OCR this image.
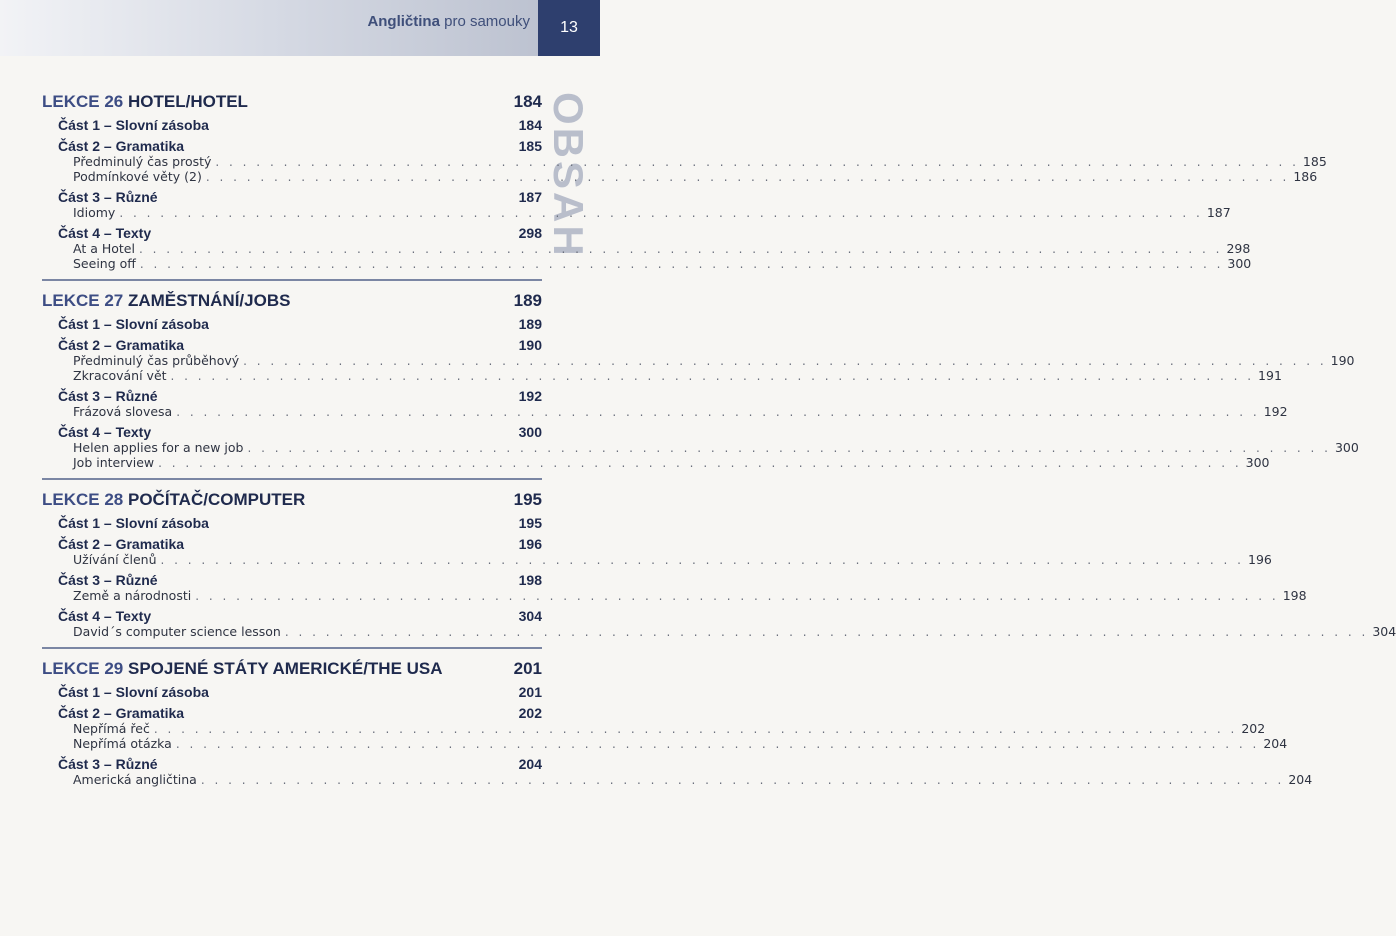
Angličtina pro samouky 13
OBSAH
LEKCE 26 HOTEL/HOTEL	184
Část 1 – Slovní zásoba	184
Část 2 – Gramatika	185
Předminulý čas prostý . . . . . . . . . . . . . . . . . . . . . . . . . . . . . . . . . . . . . . . . . . . . . . . . . . . . . . . . . . . . . . . . . . . . . . . . . . . . . . . . 185
Podmínkové věty (2) . . . . . . . . . . . . . . . . . . . . . . . . . . . . . . . . . . . . . . . . . . . . . . . . . . . . . . . . . . . . . . . . . . . . . . . . . . . . . . . . 186
Část 3 – Různé	187
Idiomy . . . . . . . . . . . . . . . . . . . . . . . . . . . . . . . . . . . . . . . . . . . . . . . . . . . . . . . . . . . . . . . . . . . . . . . . . . . . . . . . 187
Část 4 – Texty	298
At a Hotel . . . . . . . . . . . . . . . . . . . . . . . . . . . . . . . . . . . . . . . . . . . . . . . . . . . . . . . . . . . . . . . . . . . . . . . . . . . . . . . . 298
Seeing off . . . . . . . . . . . . . . . . . . . . . . . . . . . . . . . . . . . . . . . . . . . . . . . . . . . . . . . . . . . . . . . . . . . . . . . . . . . . . . . . 300
LEKCE 27 ZAMĚSTNÁNÍ/JOBS	189
Část 1 – Slovní zásoba	189
Část 2 – Gramatika	190
Předminulý čas průběhový . . . . . . . . . . . . . . . . . . . . . . . . . . . . . . . . . . . . . . . . . . . . . . . . . . . . . . . . . . . . . . . . . . . . . . . . . . . . . . . . 190
Zkracování vět . . . . . . . . . . . . . . . . . . . . . . . . . . . . . . . . . . . . . . . . . . . . . . . . . . . . . . . . . . . . . . . . . . . . . . . . . . . . . . . . 191
Část 3 – Různé	192
Frázová slovesa . . . . . . . . . . . . . . . . . . . . . . . . . . . . . . . . . . . . . . . . . . . . . . . . . . . . . . . . . . . . . . . . . . . . . . . . . . . . . . . . 192
Část 4 – Texty	300
Helen applies for a new job . . . . . . . . . . . . . . . . . . . . . . . . . . . . . . . . . . . . . . . . . . . . . . . . . . . . . . . . . . . . . . . . . . . . . . . . . . . . . . . . 300
Job interview . . . . . . . . . . . . . . . . . . . . . . . . . . . . . . . . . . . . . . . . . . . . . . . . . . . . . . . . . . . . . . . . . . . . . . . . . . . . . . . . 300
LEKCE 28 POČÍTAČ/COMPUTER	195
Část 1 – Slovní zásoba	195
Část 2 – Gramatika	196
Užívání členů . . . . . . . . . . . . . . . . . . . . . . . . . . . . . . . . . . . . . . . . . . . . . . . . . . . . . . . . . . . . . . . . . . . . . . . . . . . . . . . . 196
Část 3 – Různé	198
Země a národnosti . . . . . . . . . . . . . . . . . . . . . . . . . . . . . . . . . . . . . . . . . . . . . . . . . . . . . . . . . . . . . . . . . . . . . . . . . . . . . . . . 198
Část 4 – Texty	304
David´s computer science lesson . . . . . . . . . . . . . . . . . . . . . . . . . . . . . . . . . . . . . . . . . . . . . . . . . . . . . . . . . . . . . . . . . . . . . . . . . . . . . . . . 304
LEKCE 29 SPOJENÉ STÁTY AMERICKÉ/THE USA	201
Část 1 – Slovní zásoba	201
Část 2 – Gramatika	202
Nepřímá řeč . . . . . . . . . . . . . . . . . . . . . . . . . . . . . . . . . . . . . . . . . . . . . . . . . . . . . . . . . . . . . . . . . . . . . . . . . . . . . . . . 202
Nepřímá otázka . . . . . . . . . . . . . . . . . . . . . . . . . . . . . . . . . . . . . . . . . . . . . . . . . . . . . . . . . . . . . . . . . . . . . . . . . . . . . . . . 204
Část 3 – Různé	204
Americká angličtina . . . . . . . . . . . . . . . . . . . . . . . . . . . . . . . . . . . . . . . . . . . . . . . . . . . . . . . . . . . . . . . . . . . . . . . . . . . . . . . . 204
